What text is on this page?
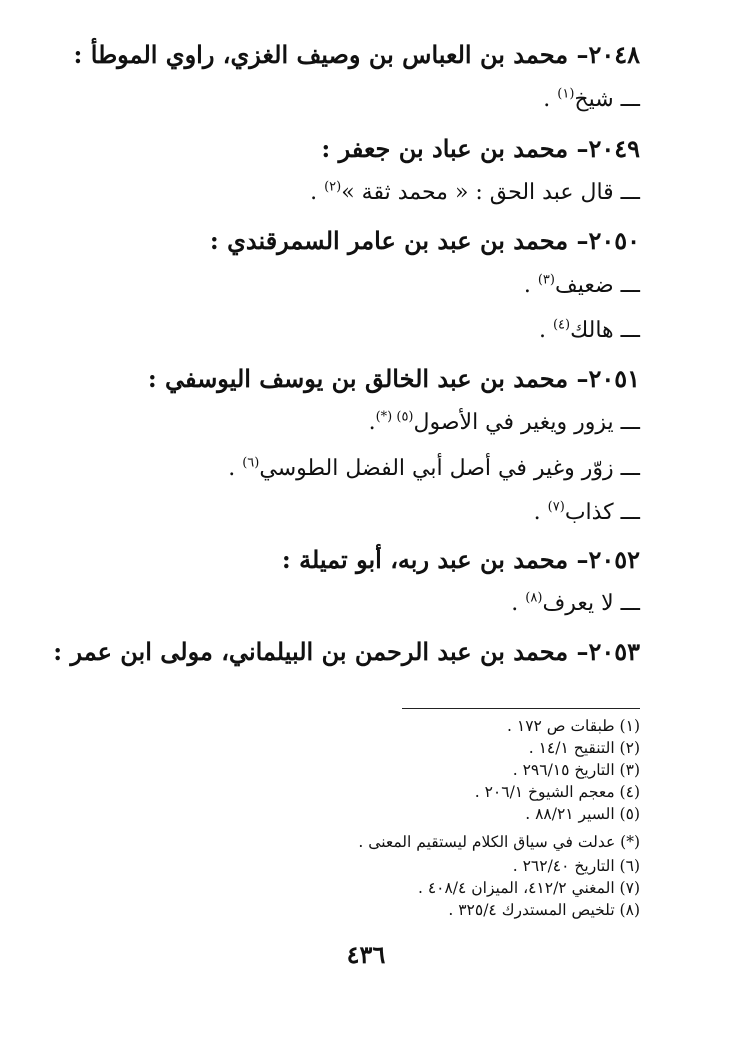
٢٠٤٨– محمد بن العباس بن وصيف الغزي، راوي الموطأ :
ـــ شيخ$^{(١)}$ .
٢٠٤٩– محمد بن عباد بن جعفر :
ـــ قال عبد الحق : « محمد ثقة »$^{(٢)}$ .
٢٠٥٠– محمد بن عبد بن عامر السمرقندي :
ـــ ضعيف$^{(٣)}$ .
ـــ هالك$^{(٤)}$ .
٢٠٥١– محمد بن عبد الخالق بن يوسف اليوسفي :
ـــ يزور ويغير في الأصول$^{(٥) (*)}$.
ـــ زوّر وغير في أصل أبي الفضل الطوسي$^{(٦)}$ .
ـــ كذاب$^{(٧)}$ .
٢٠٥٢– محمد بن عبد ربه، أبو تميلة :
ـــ لا يعرف$^{(٨)}$ .
٢٠٥٣– محمد بن عبد الرحمن بن البيلماني، مولى ابن عمر :
(١) طبقات ص ١٧٢ .
(٢) التنقيح ١٤/١ .
(٣) التاريخ ٢٩٦/١٥ .
(٤) معجم الشيوخ ٢٠٦/١ .
(٥) السير ٨٨/٢١ .
(*) عدلت في سياق الكلام ليستقيم المعنى .
(٦) التاريخ ٢٦٢/٤٠ .
(٧) المغني ٤١٢/٢، الميزان ٤٠٨/٤ .
(٨) تلخيص المستدرك ٣٢٥/٤ .
٤٣٦
